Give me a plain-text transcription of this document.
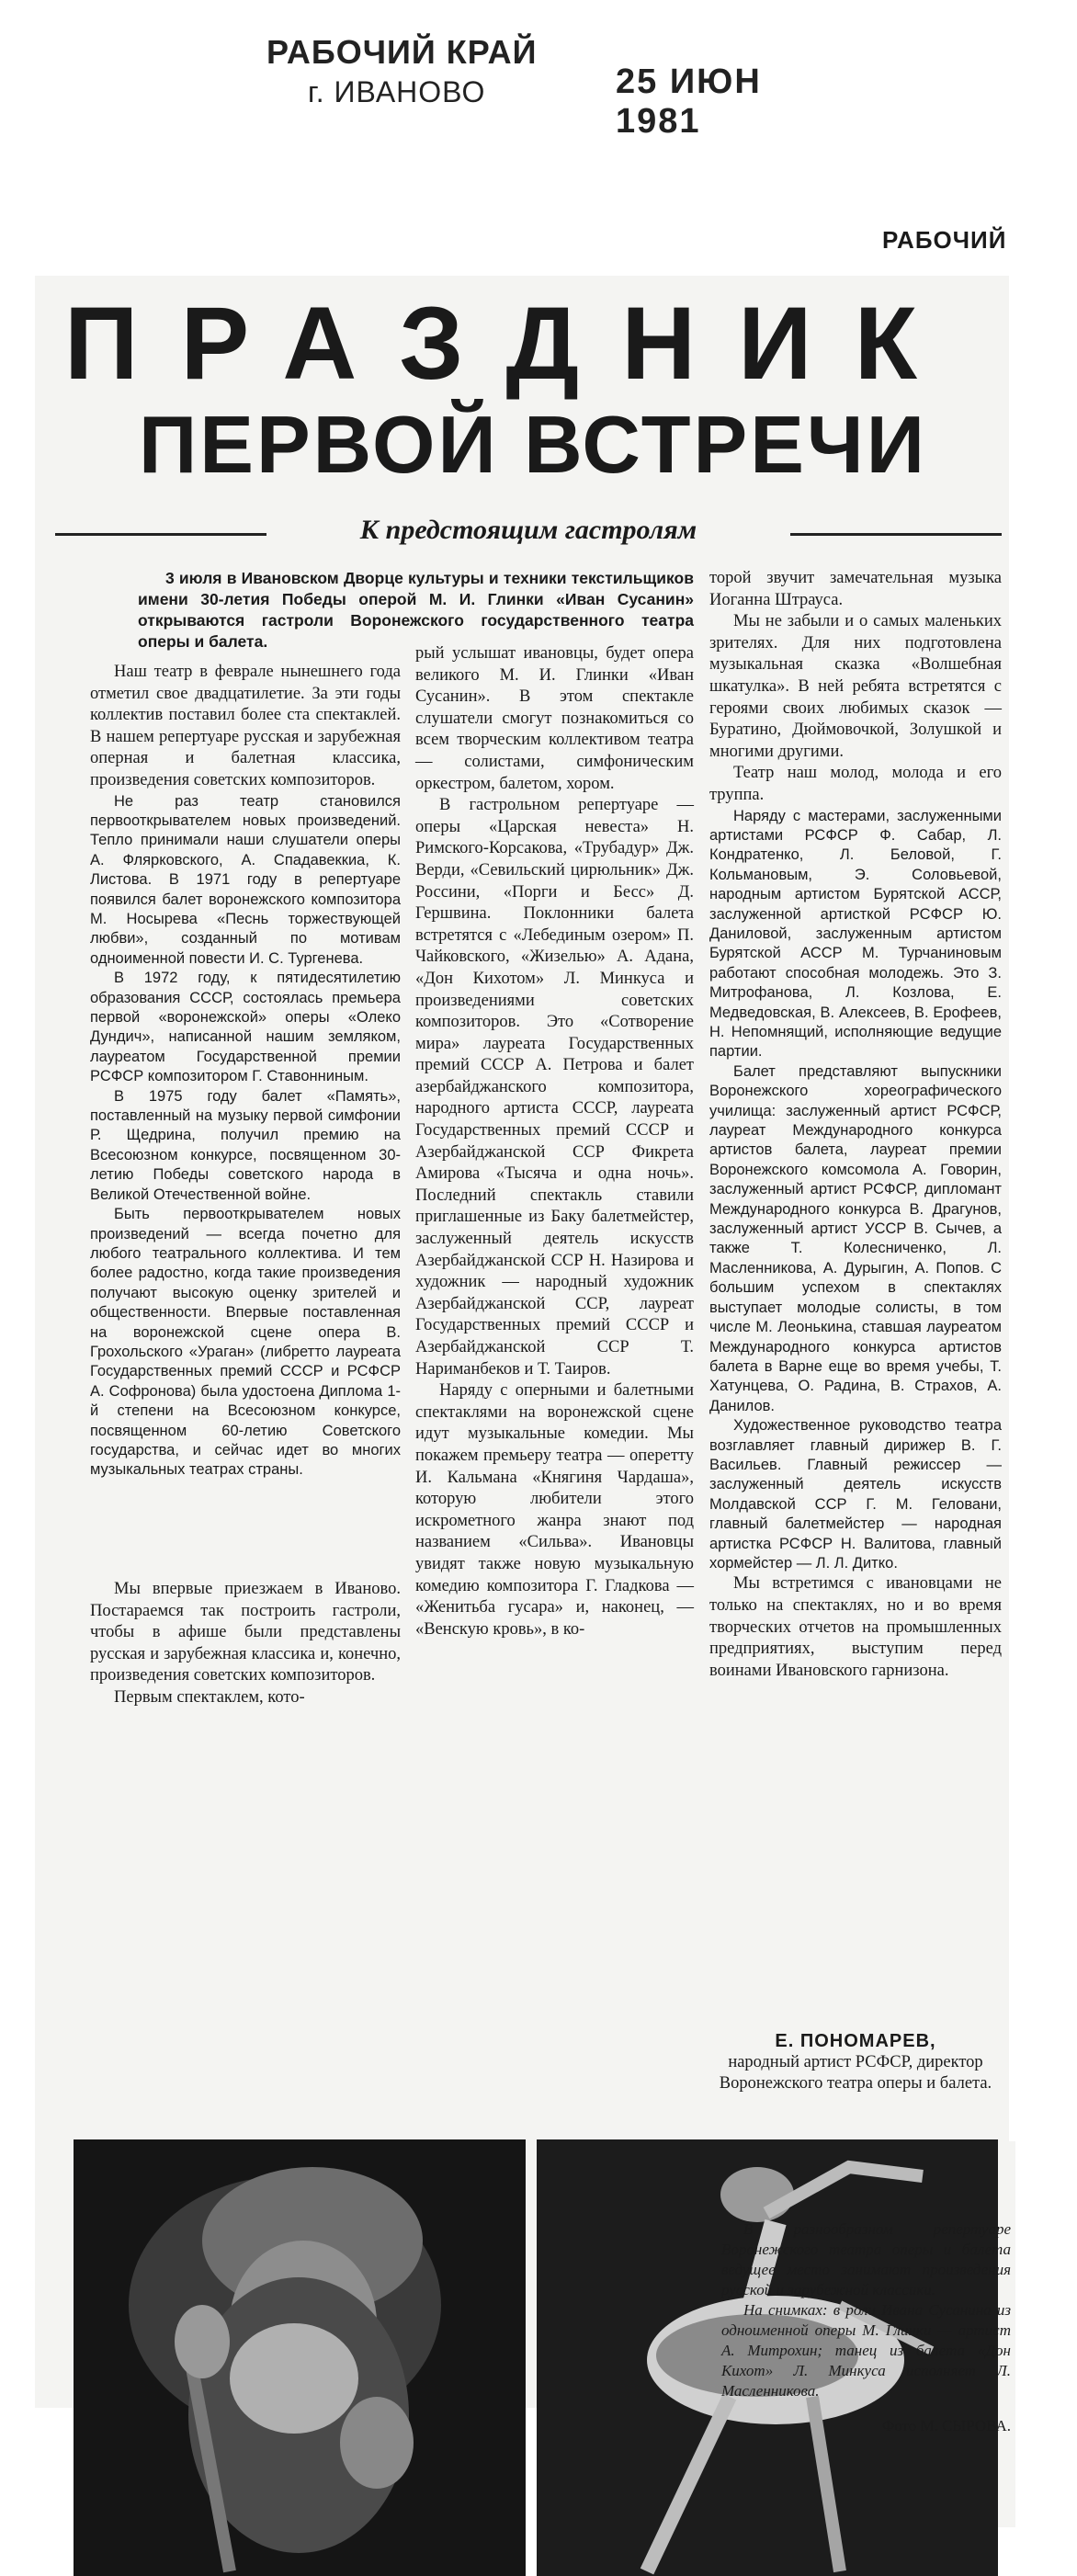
РАБОЧИЙ КРАЙ
г. ИВАНОВО	25 ИЮН 1981
РАБОЧИЙ
ПРАЗДНИК
ПЕРВОЙ ВСТРЕЧИ
К предстоящим гастролям
3 июля в Ивановском Дворце культуры и техники текстильщиков имени 30-летия Победы оперой М. И. Глинки «Иван Сусанин» открываются гастроли Воронежского государственного театра оперы и балета.

Наш театр в феврале нынешнего года отметил свое двадцатилетие. За эти годы коллектив поставил более ста спектаклей. В нашем репертуаре русская и зарубежная оперная и балетная классика, произведения советских композиторов.

Не раз театр становился первооткрывателем новых произведений. Тепло принимали наши слушатели оперы А. Флярковского, А. Спадавеккиа, К. Листова. В 1971 году в репертуаре появился балет воронежского композитора М. Носырева «Песнь торжествующей любви», созданный по мотивам одноименной повести И. С. Тургенева.

В 1972 году, к пятидесятилетию образования СССР, состоялась премьера первой «воронежской» оперы «Олеко Дундич», написанной нашим земляком, лауреатом Государственной премии РСФСР композитором Г. Ставонниным.

В 1975 году балет «Память», поставленный на музыку первой симфонии Р. Щедрина, получил премию на Всесоюзном конкурсе, посвященном 30-летию Победы советского народа в Великой Отечественной войне.

Быть первооткрывателем новых произведений — всегда почетно для любого театрального коллектива. И тем более радостно, когда такие произведения получают высокую оценку зрителей и общественности. Впервые поставленная на воронежской сцене опера В. Грохольского «Ураган» (либретто лауреата Государственных премий СССР и РСФСР А. Софронова) была удостоена Диплома 1-й степени на Всесоюзном конкурсе, посвященном 60-летию Советского государства, и сейчас идет во многих музыкальных театрах страны.

Мы впервые приезжаем в Иваново. Постараемся так построить гастроли, чтобы в афише были представлены русская и зарубежная классика и, конечно, произведения советских композиторов.

Первым спектаклем, кото-

рый услышат ивановцы, будет опера великого М. И. Глинки «Иван Сусанин». В этом спектакле слушатели смогут познакомиться со всем творческим коллективом театра — солистами, симфоническим оркестром, балетом, хором.

В гастрольном репертуаре — оперы «Царская невеста» Н. Римского-Корсакова, «Трубадур» Дж. Верди, «Севильский цирюльник» Дж. Россини, «Порги и Бесс» Д. Гершвина. Поклонники балета встретятся с «Лебединым озером» П. Чайковского, «Жизелью» А. Адана, «Дон Кихотом» Л. Минкуса и произведениями советских композиторов. Это «Сотворение мира» лауреата Государственных премий СССР А. Петрова и балет азербайджанского композитора, народного артиста СССР, лауреата Государственных премий СССР и Азербайджанской ССР Фикрета Амирова «Тысяча и одна ночь». Последний спектакль ставили приглашенные из Баку балетмейстер, заслуженный деятель искусств Азербайджанской ССР Н. Назирова и художник — народный художник Азербайджанской ССР, лауреат Государственных премий СССР и Азербайджанской ССР Т. Нариманбеков и Т. Таиров.

Наряду с оперными и балетными спектаклями на воронежской сцене идут музыкальные комедии. Мы покажем премьеру театра — оперетту И. Кальмана «Княгиня Чардаша», которую любители этого искрометного жанра знают под названием «Сильва». Ивановцы увидят также новую музыкальную комедию композитора Г. Гладкова — «Женитьба гусара» и, наконец, — «Венскую кровь», в ко-

торой звучит замечательная музыка Иоганна Штрауса.

Мы не забыли и о самых маленьких зрителях. Для них подготовлена музыкальная сказка «Волшебная шкатулка». В ней ребята встретятся с героями своих любимых сказок — Буратино, Дюймовочкой, Золушкой и многими другими.

Театр наш молод, молода и его труппа.

Наряду с мастерами, заслуженными артистами РСФСР Ф. Сабар, Л. Кондратенко, Л. Беловой, Г. Кольмановым, Э. Соловьевой, народным артистом Бурятской АССР, заслуженной артисткой РСФСР Ю. Даниловой, заслуженным артистом Бурятской АССР М. Турчаниновым работают способная молодежь. Это З. Митрофанова, Л. Козлова, Е. Медведовская, В. Алексеев, В. Ерофеев, Н. Непомнящий, исполняющие ведущие партии.

Балет представляют выпускники Воронежского хореографического училища: заслуженный артист РСФСР, лауреат Международного конкурса артистов балета, лауреат премии Воронежского комсомола А. Говорин, заслуженный артист РСФСР, дипломант Международного конкурса В. Драгунов, заслуженный артист УССР В. Сычев, а также Т. Колесниченко, Л. Масленникова, А. Дурыгин, А. Попов. С большим успехом в спектаклях выступает молодые солисты, в том числе М. Леонькина, ставшая лауреатом Международного конкурса артистов балета в Варне еще во время учебы, Т. Хатунцева, О. Радина, В. Страхов, А. Данилов.

Художественное руководство театра возглавляет главный дирижер В. Г. Васильев. Главный режиссер — заслуженный деятель искусств Молдавской ССР Г. М. Геловани, главный балетмейстер — народная артистка РСФСР Н. Валитова, главный хормейстер — Л. Л. Дитко.

Мы встретимся с ивановцами не только на спектаклях, но и во время творческих отчетов на промышленных предприятиях, выступим перед воинами Ивановского гарнизона.

Е. ПОНОМАРЕВ,
народный артист РСФСР, директор Воронежского театра оперы и балета.

В разнообразном репертуаре Воронежского театра оперы и балета ведущее место занимают произведения русской и зарубежной классики.

На снимках: в роли Ивана Сусанина из одноименной оперы М. Глинки — артист А. Митрохин; танец из балета «Дон Кихот» Л. Минкуса исполняет Л. Масленникова.

Фото М. СЫРОВА.
